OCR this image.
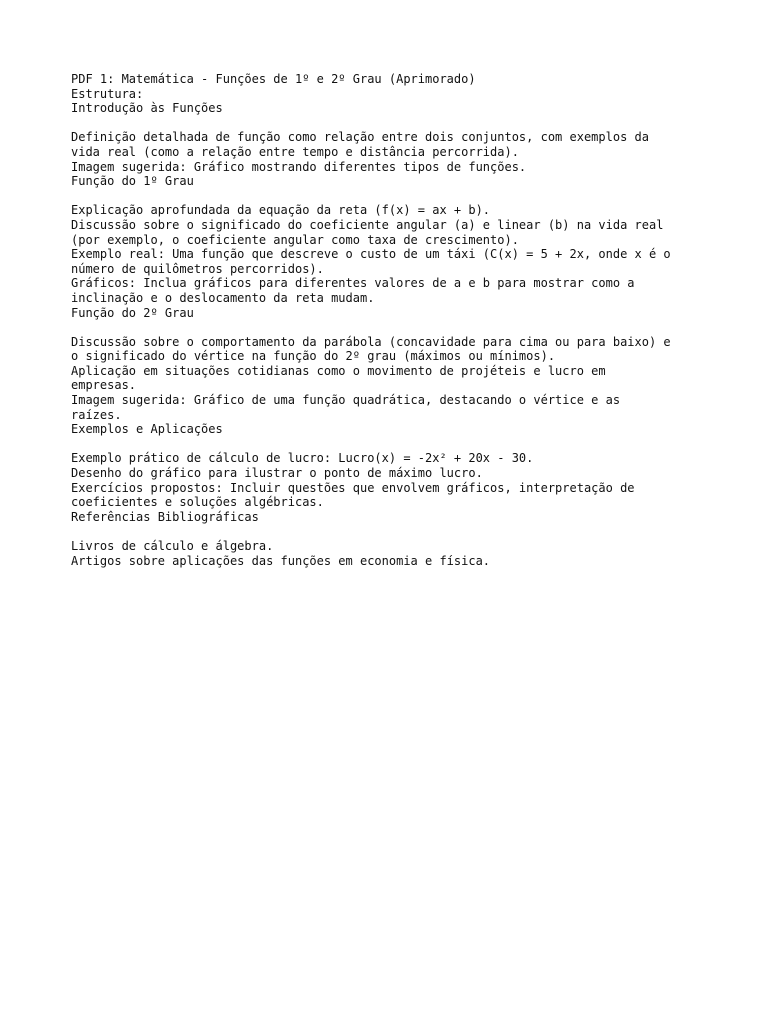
PDF 1: Matemática - Funções de 1º e 2º Grau (Aprimorado)
Estrutura:
Introdução às Funções
Definição detalhada de função como relação entre dois conjuntos, com exemplos da
vida real (como a relação entre tempo e distância percorrida).
Imagem sugerida: Gráfico mostrando diferentes tipos de funções.
Função do 1º Grau
Explicação aprofundada da equação da reta (f(x) = ax + b).
Discussão sobre o significado do coeficiente angular (a) e linear (b) na vida real
(por exemplo, o coeficiente angular como taxa de crescimento).
Exemplo real: Uma função que descreve o custo de um táxi (C(x) = 5 + 2x, onde x é o
número de quilômetros percorridos).
Gráficos: Inclua gráficos para diferentes valores de a e b para mostrar como a
inclinação e o deslocamento da reta mudam.
Função do 2º Grau
Discussão sobre o comportamento da parábola (concavidade para cima ou para baixo) e
o significado do vértice na função do 2º grau (máximos ou mínimos).
Aplicação em situações cotidianas como o movimento de projéteis e lucro em
empresas.
Imagem sugerida: Gráfico de uma função quadrática, destacando o vértice e as
raízes.
Exemplos e Aplicações
Exemplo prático de cálculo de lucro: Lucro(x) = -2x² + 20x - 30.
Desenho do gráfico para ilustrar o ponto de máximo lucro.
Exercícios propostos: Incluir questões que envolvem gráficos, interpretação de
coeficientes e soluções algébricas.
Referências Bibliográficas
Livros de cálculo e álgebra.
Artigos sobre aplicações das funções em economia e física.
